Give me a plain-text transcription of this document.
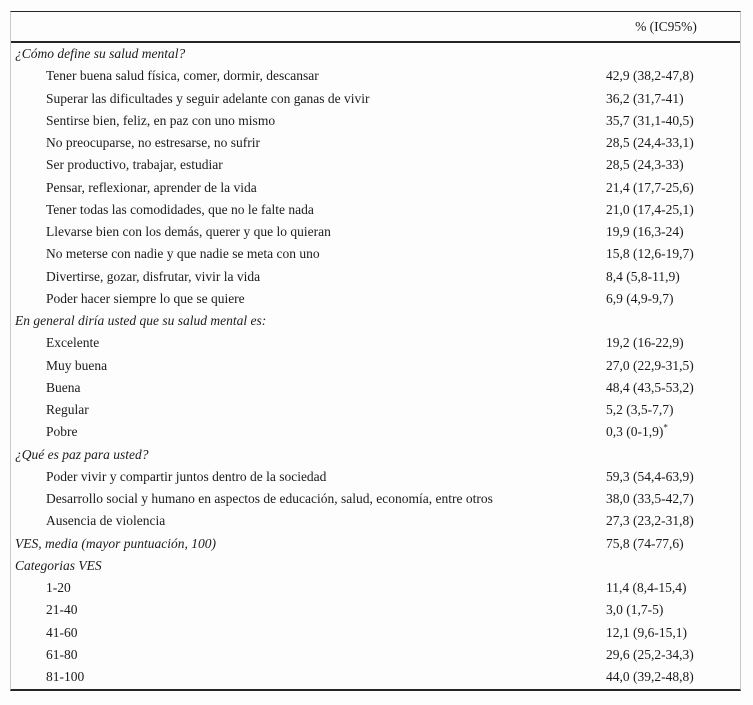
% (IC95%)
¿Cómo define su salud mental?
Tener buena salud física, comer, dormir, descansar	42,9 (38,2-47,8)
Superar las dificultades y seguir adelante con ganas de vivir	36,2 (31,7-41)
Sentirse bien, feliz, en paz con uno mismo	35,7 (31,1-40,5)
No preocuparse, no estresarse, no sufrir	28,5 (24,4-33,1)
Ser productivo, trabajar, estudiar	28,5 (24,3-33)
Pensar, reflexionar, aprender de la vida	21,4 (17,7-25,6)
Tener todas las comodidades, que no le falte nada	21,0 (17,4-25,1)
Llevarse bien con los demás, querer y que lo quieran	19,9 (16,3-24)
No meterse con nadie y que nadie se meta con uno	15,8 (12,6-19,7)
Divertirse, gozar, disfrutar, vivir la vida	8,4 (5,8-11,9)
Poder hacer siempre lo que se quiere	6,9 (4,9-9,7)
En general diría usted que su salud mental es:
Excelente	19,2 (16-22,9)
Muy buena	27,0 (22,9-31,5)
Buena	48,4 (43,5-53,2)
Regular	5,2 (3,5-7,7)
Pobre	0,3 (0-1,9)*
¿Qué es paz para usted?
Poder vivir y compartir juntos dentro de la sociedad	59,3 (54,4-63,9)
Desarrollo social y humano en aspectos de educación, salud, economía, entre otros	38,0 (33,5-42,7)
Ausencia de violencia	27,3 (23,2-31,8)
VES, media (mayor puntuación, 100)	75,8 (74-77,6)
Categorias VES
1-20	11,4 (8,4-15,4)
21-40	3,0 (1,7-5)
41-60	12,1 (9,6-15,1)
61-80	29,6 (25,2-34,3)
81-100	44,0 (39,2-48,8)
